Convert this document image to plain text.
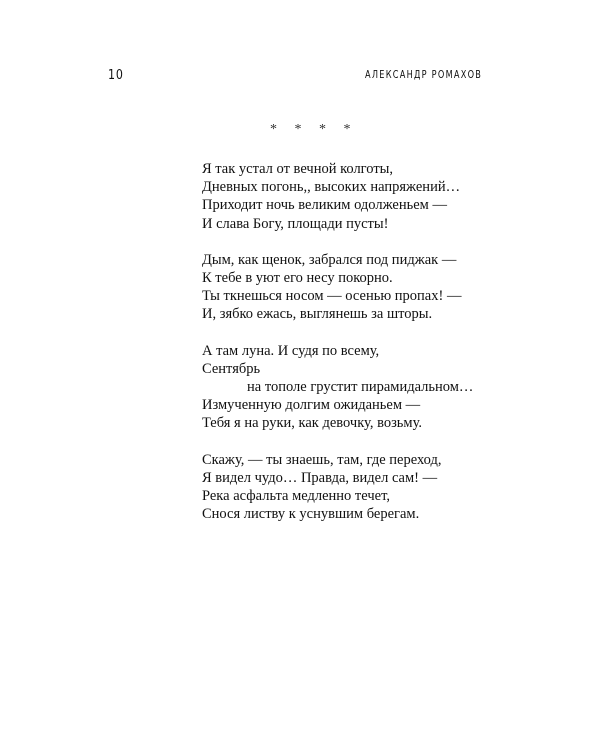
10	АЛЕКСАНДР РОМАХОВ
* * * *
Я так устал от вечной колготы,
Дневных погонь,, высоких напряжений…
Приходит ночь великим одолженьем —
И слава Богу, площади пусты!
Дым, как щенок, забрался под пиджак —
К тебе в уют его несу покорно.
Ты ткнешься носом — осенью пропах! —
И, зябко ежась, выглянешь за шторы.
А там луна. И судя по всему,
Сентябрь
на тополе грустит пирамидальном…
Измученную долгим ожиданьем —
Тебя я на руки, как девочку, возьму.
Скажу, — ты знаешь, там, где переход,
Я видел чудо… Правда, видел сам! —
Река асфальта медленно течет,
Снося листву к уснувшим берегам.
